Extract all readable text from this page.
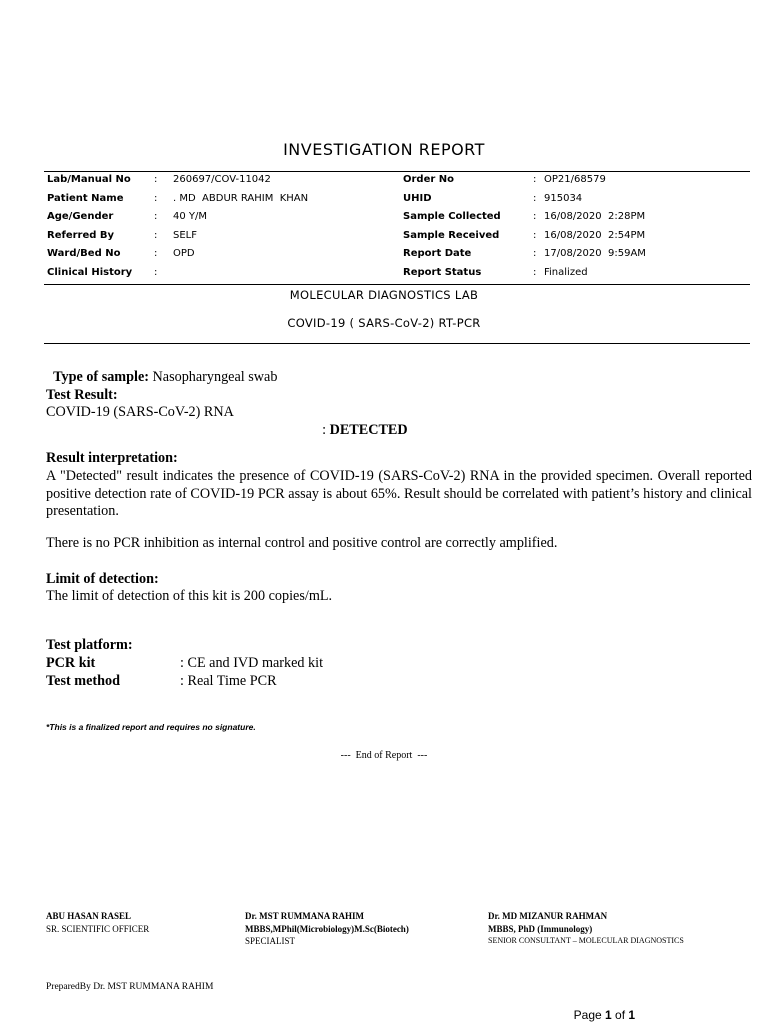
INVESTIGATION REPORT
Lab/Manual No : 260697/COV-11042
Patient Name	: . MD  ABDUR RAHIM  KHAN
Age/Gender	: 40 Y/M
Referred By	: SELF
Ward/Bed No	: OPD
Clinical History :
Order No	: OP21/68579
UHID	: 915034
Sample Collected	: 16/08/2020  2:28PM
Sample Received	: 16/08/2020  2:54PM
Report Date	: 17/08/2020  9:59AM
Report Status	: Finalized
MOLECULAR DIAGNOSTICS LAB
COVID-19 ( SARS-CoV-2) RT-PCR

Type of sample: Nasopharyngeal swab

Test Result:
COVID-19 (SARS-CoV-2) RNA

: DETECTED

Result interpretation:
A "Detected" result indicates the presence of COVID-19 (SARS-CoV-2) RNA in the provided specimen. Overall reported positive detection rate of COVID-19 PCR assay is about 65%. Result should be correlated with patient’s history and clinical presentation.
There is no PCR inhibition as internal control and positive control are correctly amplified.
Limit of detection:
The limit of detection of this kit is 200 copies/mL.
Test platform:
PCR kit	: CE and IVD marked kit
Test method	: Real Time PCR
*This is a finalized report and requires no signature.
---  End of Report  ---
ABU HASAN RASEL
SR. SCIENTIFIC OFFICER
Dr. MST RUMMANA RAHIM
MBBS,MPhil(Microbiology)M.Sc(Biotech)
SPECIALIST
Dr. MD MIZANUR RAHMAN
MBBS, PhD (Immunology)
SENIOR CONSULTANT – MOLECULAR DIAGNOSTICS
PreparedBy Dr. MST RUMMANA RAHIM

Page 1 of 1
